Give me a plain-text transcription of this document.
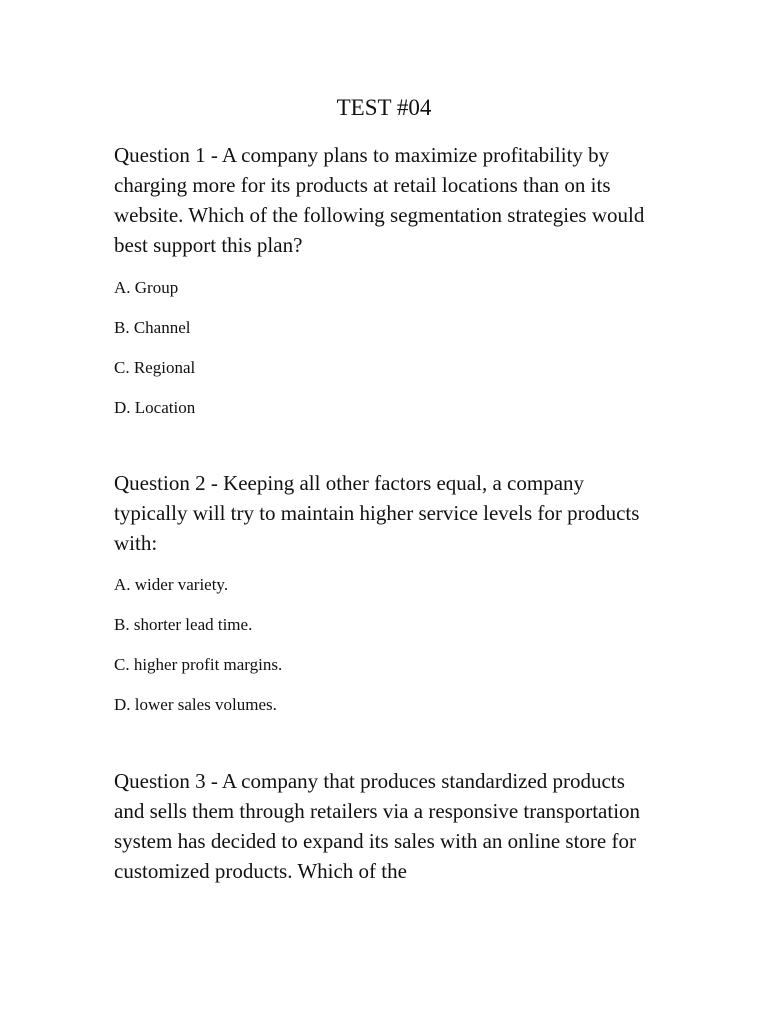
TEST #04

Question 1 - A company plans to maximize profitability by charging more for its products at retail locations than on its website. Which of the following segmentation strategies would best support this plan?

A. Group
B. Channel
C. Regional
D. Location

Question 2 - Keeping all other factors equal, a company typically will try to maintain higher service levels for products with:

A. wider variety.
B. shorter lead time.
C. higher profit margins.
D. lower sales volumes.

Question 3 - A company that produces standardized products and sells them through retailers via a responsive transportation system has decided to expand its sales with an online store for customized products. Which of the
